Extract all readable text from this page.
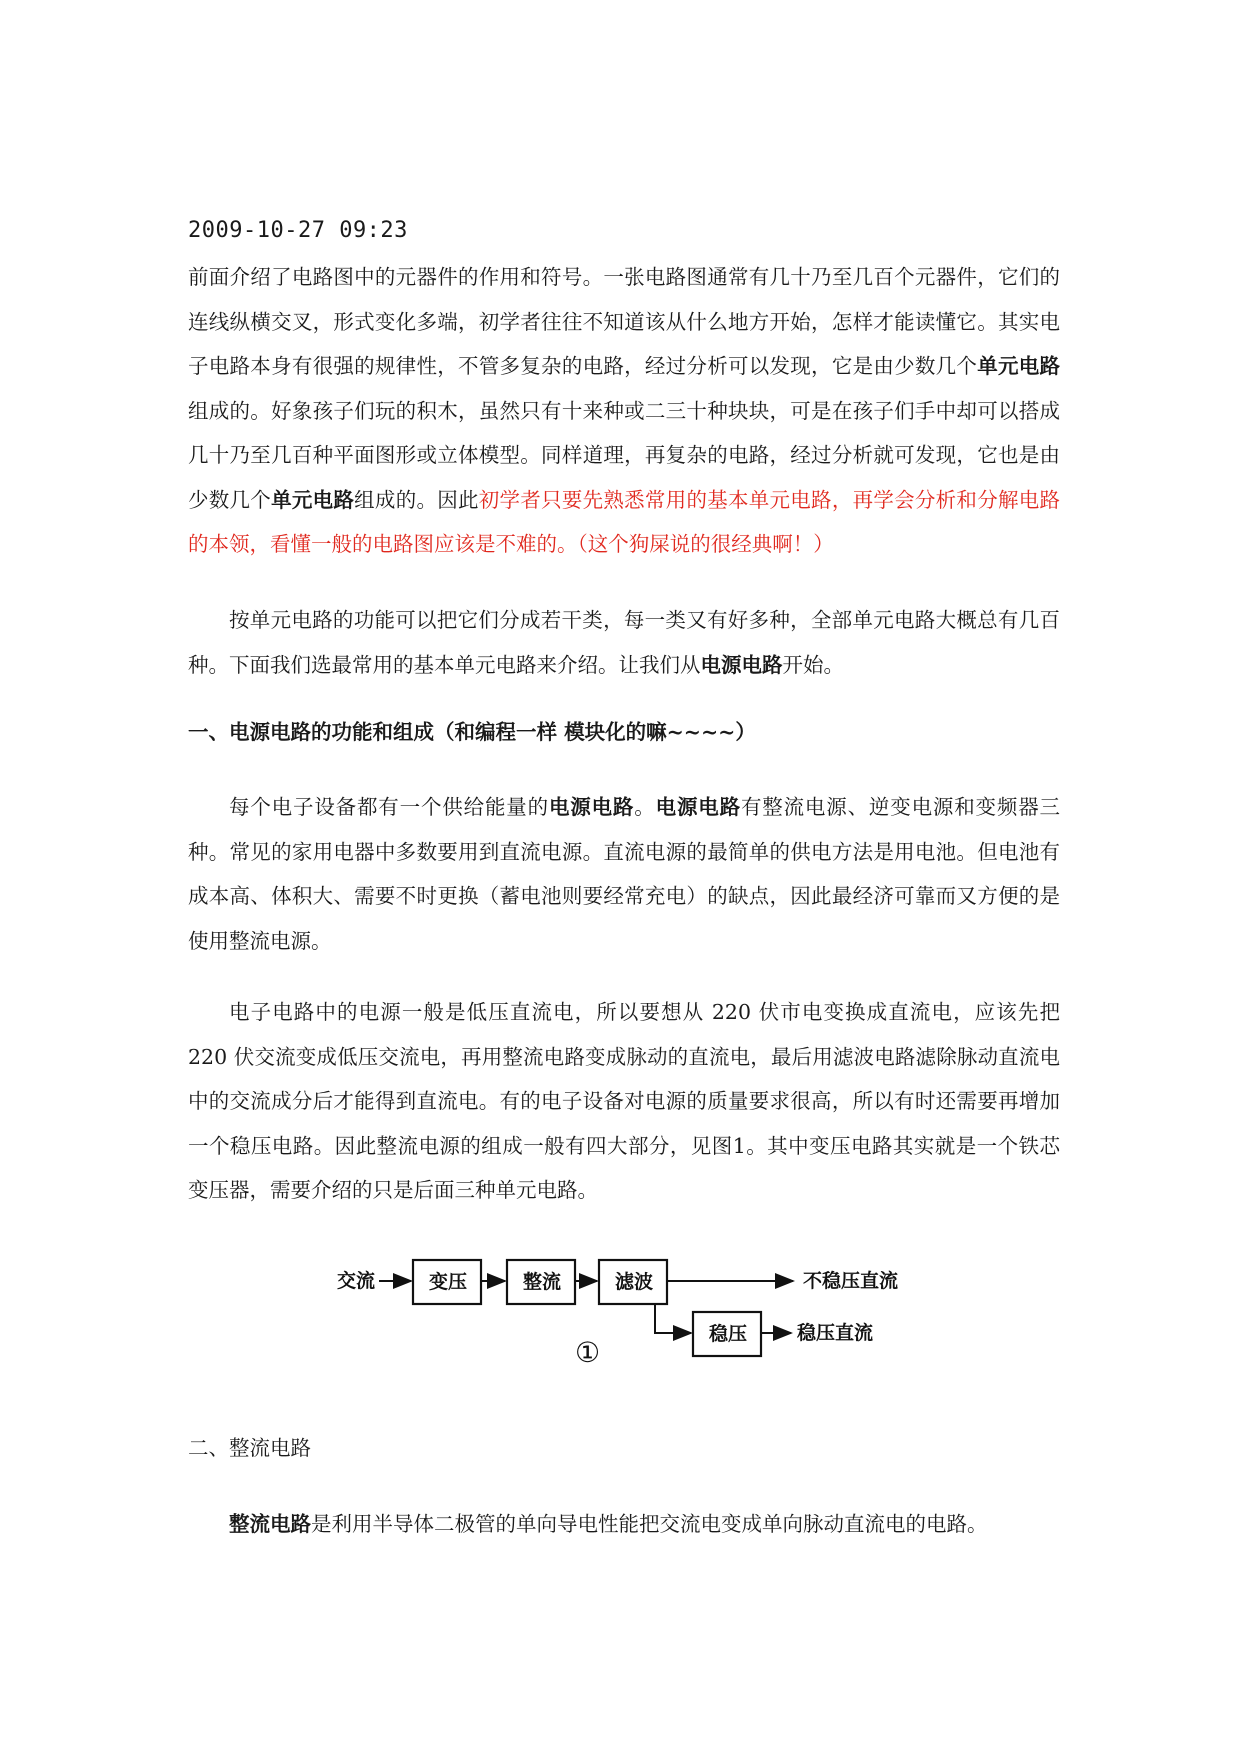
2009-10-27 09:23

前面介绍了电路图中的元器件的作用和符号。一张电路图通常有几十乃至几百个元器件，它们的连线纵横交叉，形式变化多端，初学者往往不知道该从什么地方开始，怎样才能读懂它。其实电子电路本身有很强的规律性，不管多复杂的电路，经过分析可以发现，它是由少数几个单元电路组成的。好象孩子们玩的积木，虽然只有十来种或二三十种块块，可是在孩子们手中却可以搭成几十乃至几百种平面图形或立体模型。同样道理，再复杂的电路，经过分析就可发现，它也是由少数几个单元电路组成的。因此初学者只要先熟悉常用的基本单元电路，再学会分析和分解电路的本领，看懂一般的电路图应该是不难的。（这个狗屎说的很经典啊！）

按单元电路的功能可以把它们分成若干类，每一类又有好多种，全部单元电路大概总有几百种。下面我们选最常用的基本单元电路来介绍。让我们从电源电路开始。

一、电源电路的功能和组成（和编程一样 模块化的嘛~~~~）

每个电子设备都有一个供给能量的电源电路。电源电路有整流电源、逆变电源和变频器三种。常见的家用电器中多数要用到直流电源。直流电源的最简单的供电方法是用电池。但电池有成本高、体积大、需要不时更换（蓄电池则要经常充电）的缺点，因此最经济可靠而又方便的是使用整流电源。

电子电路中的电源一般是低压直流电，所以要想从 220 伏市电变换成直流电，应该先把 220 伏交流变成低压交流电，再用整流电路变成脉动的直流电，最后用滤波电路滤除脉动直流电中的交流成分后才能得到直流电。有的电子设备对电源的质量要求很高，所以有时还需要再增加一个稳压电路。因此整流电源的组成一般有四大部分，见图1。其中变压电路其实就是一个铁芯变压器，需要介绍的只是后面三种单元电路。

交流	变压	整流	滤波	不稳压直流
稳压	稳压直流
①

二、整流电路

整流电路是利用半导体二极管的单向导电性能把交流电变成单向脉动直流电的电路。
